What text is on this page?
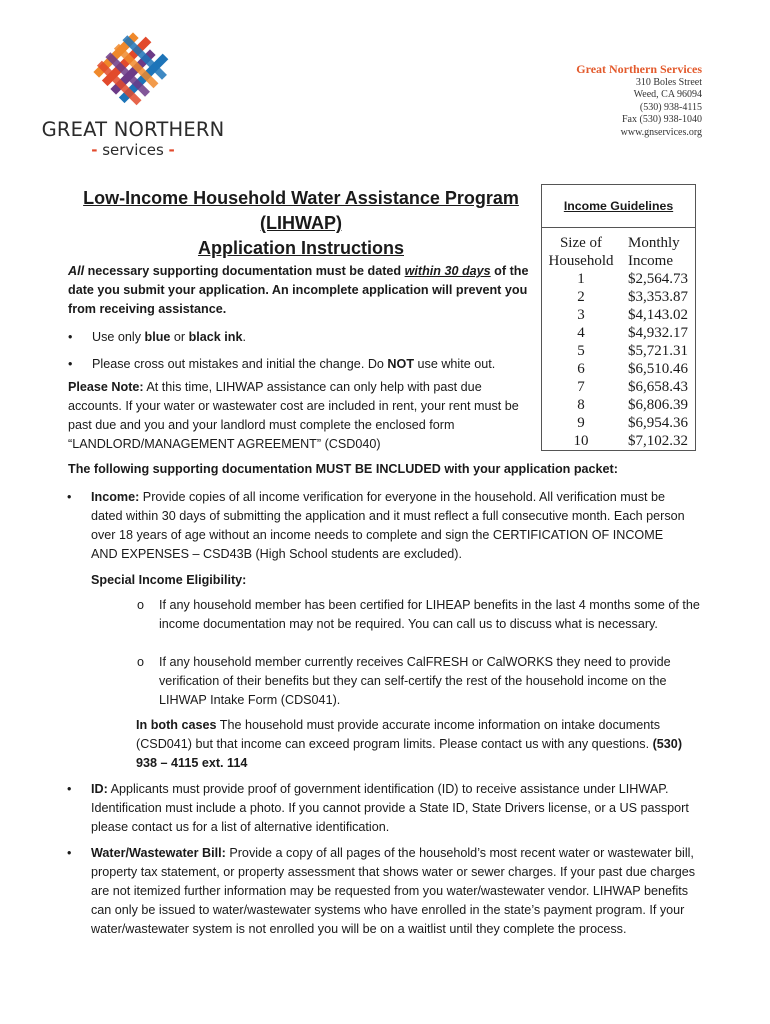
GREAT NORTHERN
- services -
Great Northern Services
310 Boles Street
Weed, CA 96094
(530) 938-4115
Fax (530) 938-1040
www.gnservices.org
Low-Income Household Water Assistance Program
(LIHWAP)
Application Instructions
All necessary supporting documentation must be dated within 30 days of the date you submit your application. An incomplete application will prevent you from receiving assistance.
• Use only blue or black ink.
• Please cross out mistakes and initial the change. Do NOT use white out.
Please Note: At this time, LIHWAP assistance can only help with past due accounts. If your water or wastewater cost are included in rent, your rent must be past due and you and your landlord must complete the enclosed form “LANDLORD/MANAGEMENT AGREEMENT” (CSD040)
Income Guidelines	

Size of	Monthly
Household	Income
1	$2,564.73
2	$3,353.87
3	$4,143.02
4	$4,932.17
5	$5,721.31
6	$6,510.46
7	$6,658.43
8	$6,806.39
9	$6,954.36
10	$7,102.32
The following supporting documentation MUST BE INCLUDED with your application packet:
• Income: Provide copies of all income verification for everyone in the household. All verification must be dated within 30 days of submitting the application and it must reflect a full consecutive month. Each person over 18 years of age without an income needs to complete and sign the CERTIFICATION OF INCOME AND EXPENSES – CSD43B (High School students are excluded).
Special Income Eligibility:
o If any household member has been certified for LIHEAP benefits in the last 4 months some of the income documentation may not be required. You can call us to discuss what is necessary.
o If any household member currently receives CalFRESH or CalWORKS they need to provide verification of their benefits but they can self-certify the rest of the household income on the LIHWAP Intake Form (CDS041).
In both cases The household must provide accurate income information on intake documents (CSD041) but that income can exceed program limits. Please contact us with any questions. (530) 938 – 4115 ext. 114
• ID: Applicants must provide proof of government identification (ID) to receive assistance under LIHWAP. Identification must include a photo. If you cannot provide a State ID, State Drivers license, or a US passport please contact us for a list of alternative identification.
• Water/Wastewater Bill: Provide a copy of all pages of the household’s most recent water or wastewater bill, property tax statement, or property assessment that shows water or sewer charges. If your past due charges are not itemized further information may be requested from you water/wastewater vendor. LIHWAP benefits can only be issued to water/wastewater systems who have enrolled in the state’s payment program. If your water/wastewater system is not enrolled you will be on a waitlist until they complete the process.
